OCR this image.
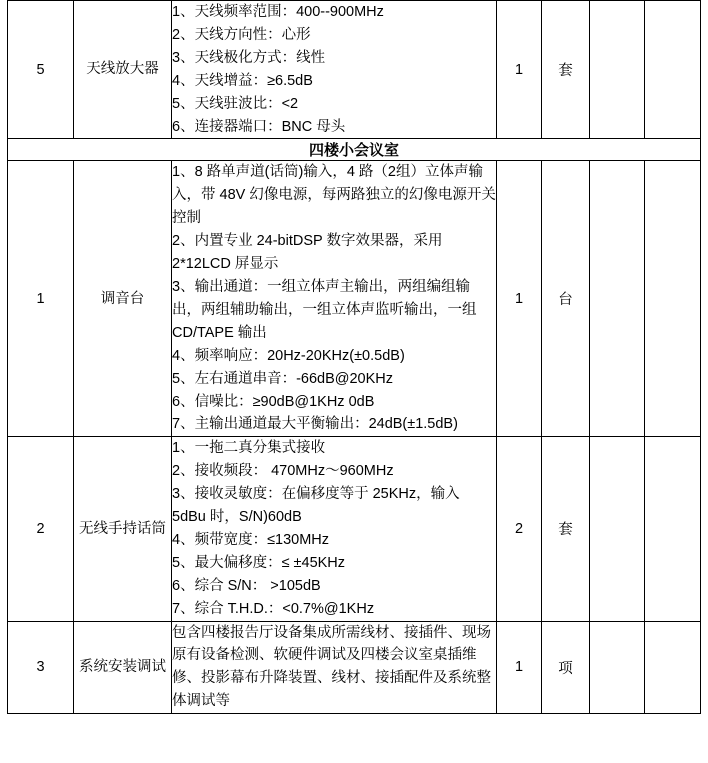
5	天线放大器	
1、天线频率范围：400--900MHz
2、天线方向性：心形
3、天线极化方式：线性
4、天线增益：≥6.5dB
5、天线驻波比：<2
6、连接器端口：BNC 母头
	1	套		
四楼小会议室						
1	调音台	
1、8 路单声道(话筒)输入，4 路（2组）立体声输入，带 48V 幻像电源，每两路独立的幻像电源开关控制
2、内置专业 24-bitDSP 数字效果器，采用 2*12LCD 屏显示
3、输出通道：一组立体声主输出，两组编组输出，两组辅助输出，一组立体声监听输出，一组 CD/TAPE 输出
4、频率响应：20Hz-20KHz(±0.5dB)
5、左右通道串音：-66dB@20KHz
6、信噪比：≥90dB@1KHz 0dB
7、主输出通道最大平衡输出：24dB(±1.5dB)
	1	台		
2	无线手持话筒	
1、一拖二真分集式接收
2、接收频段： 470MHz～960MHz
3、接收灵敏度：在偏移度等于 25KHz，输入 5dBu 时，S/N)60dB
4、频带宽度：≤130MHz
5、最大偏移度：≤ ±45KHz
6、综合 S/N： >105dB
7、综合 T.H.D.：<0.7%@1KHz
	2	套		
3	系统安装调试	包含四楼报告厅设备集成所需线材、接插件、现场原有设备检测、软硬件调试及四楼会议室桌插维修、投影幕布升降装置、线材、接插配件及系统整体调试等	1	项		
